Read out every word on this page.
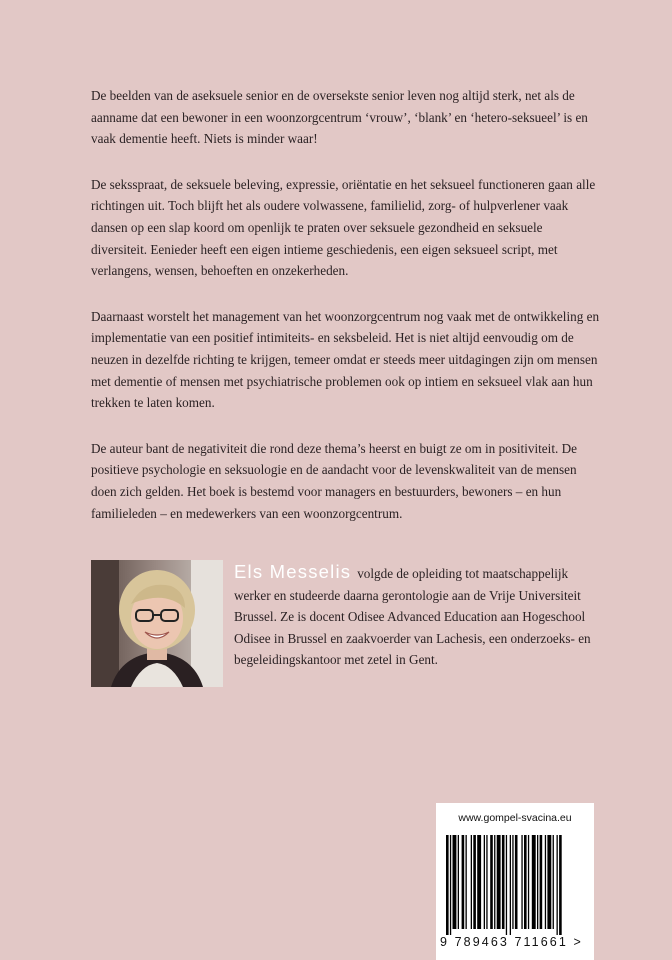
De beelden van de aseksuele senior en de oversekste senior leven nog altijd sterk, net als de aanname dat een bewoner in een woonzorgcentrum ‘vrouw’, ‘blank’ en ‘hetero-seksueel’ is en vaak dementie heeft. Niets is minder waar!

De seksspraat, de seksuele beleving, expressie, oriëntatie en het seksueel functioneren gaan alle richtingen uit. Toch blijft het als oudere volwassene, familielid, zorg- of hulpverlener vaak dansen op een slap koord om openlijk te praten over seksuele gezondheid en seksuele diversiteit. Eenieder heeft een eigen intieme geschiedenis, een eigen seksueel script, met verlangens, wensen, behoeften en onzekerheden.

Daarnaast worstelt het management van het woonzorgcentrum nog vaak met de ontwikkeling en implementatie van een positief intimiteits- en seksbeleid. Het is niet altijd eenvoudig om de neuzen in dezelfde richting te krijgen, temeer omdat er steeds meer uitdagingen zijn om mensen met dementie of mensen met psychiatrische problemen ook op intiem en seksueel vlak aan hun trekken te laten komen.

De auteur bant de negativiteit die rond deze thema’s heerst en buigt ze om in positiviteit. De positieve psychologie en seksuologie en de aandacht voor de levenskwaliteit van de mensen doen zich gelden. Het boek is bestemd voor managers en bestuurders, bewoners – en hun familieleden – en medewerkers van een woonzorgcentrum.

Els Messelis volgde de opleiding tot maatschappelijk werker en studeerde daarna gerontologie aan de Vrije Universiteit Brussel. Ze is docent Odisee Advanced Education aan Hogeschool Odisee in Brussel en zaakvoerder van Lachesis, een onderzoeks- en begeleidingskantoor met zetel in Gent.
www.gompel-svacina.eu
9 789463 711661 >
